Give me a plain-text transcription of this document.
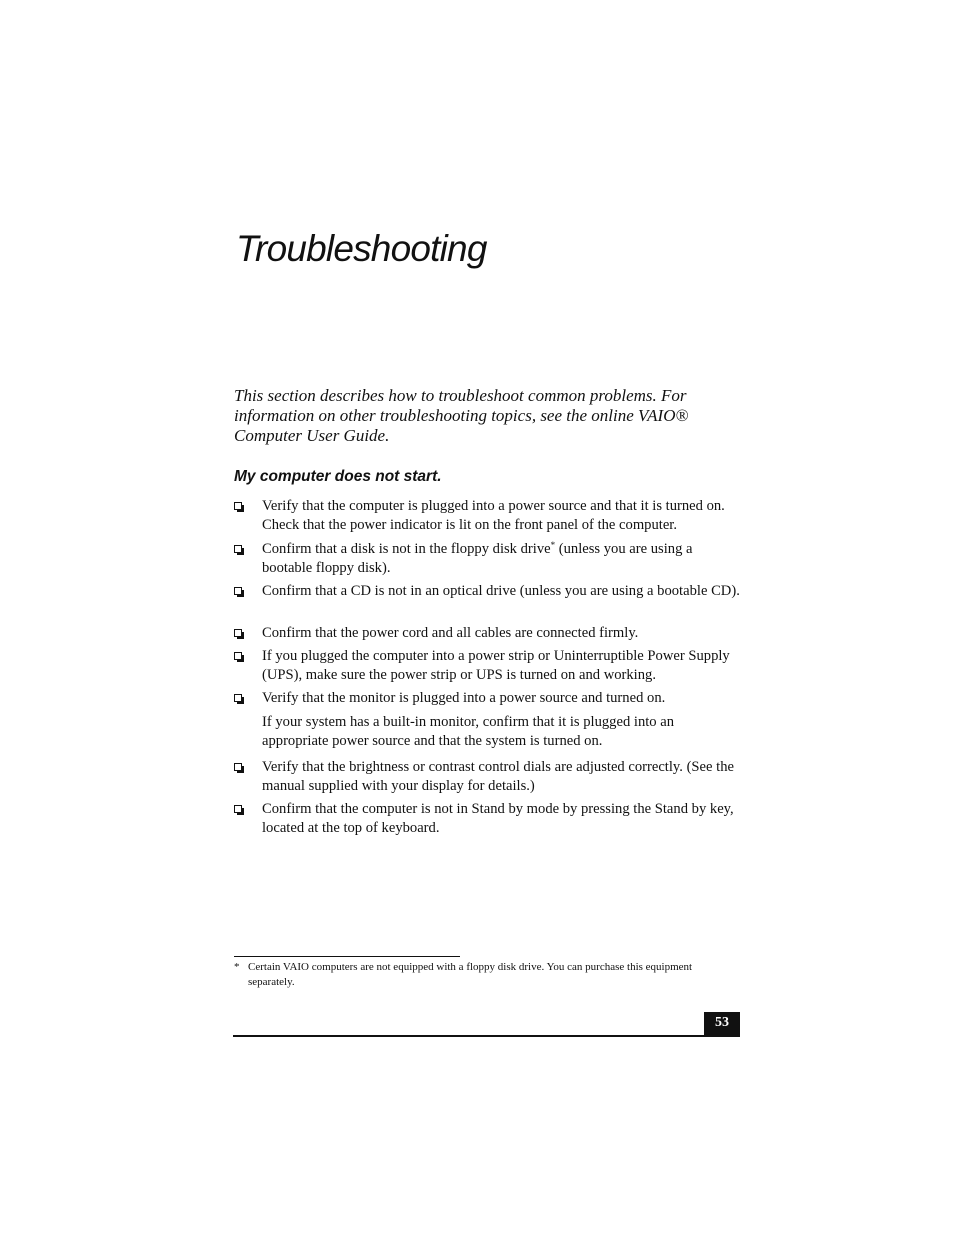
Troubleshooting

This section describes how to troubleshoot common problems. For information on other troubleshooting topics, see the online VAIO® Computer User Guide.

My computer does not start.
Verify that the computer is plugged into a power source and that it is turned on. Check that the power indicator is lit on the front panel of the computer.
Confirm that a disk is not in the floppy disk drive* (unless you are using a bootable floppy disk).
Confirm that a CD is not in an optical drive (unless you are using a bootable CD).
Confirm that the power cord and all cables are connected firmly.
If you plugged the computer into a power strip or Uninterruptible Power Supply (UPS), make sure the power strip or UPS is turned on and working.
Verify that the monitor is plugged into a power source and turned on.
If your system has a built-in monitor, confirm that it is plugged into an appropriate power source and that the system is turned on.
Verify that the brightness or contrast control dials are adjusted correctly. (See the manual supplied with your display for details.)
Confirm that the computer is not in Stand by mode by pressing the Stand by key, located at the top of keyboard.
* Certain VAIO computers are not equipped with a floppy disk drive. You can purchase this equipment separately.
53
